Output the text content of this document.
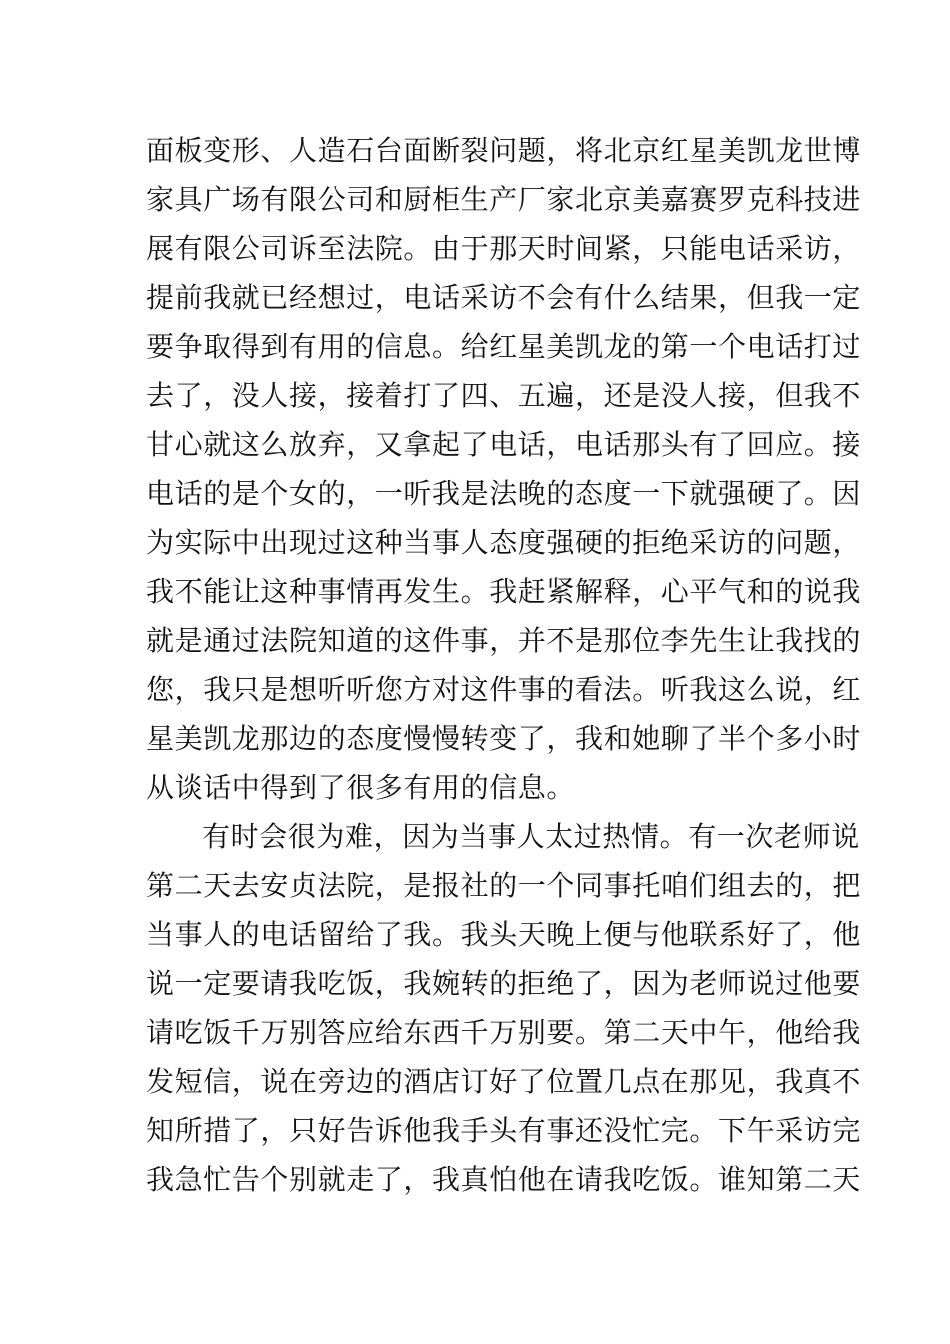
面板变形、人造石台面断裂问题，将北京红星美凯龙世博
家具广场有限公司和厨柜生产厂家北京美嘉赛罗克科技进
展有限公司诉至法院。由于那天时间紧，只能电话采访，
提前我就已经想过，电话采访不会有什么结果，但我一定
要争取得到有用的信息。给红星美凯龙的第一个电话打过
去了，没人接，接着打了四、五遍，还是没人接，但我不
甘心就这么放弃，又拿起了电话，电话那头有了回应。接
电话的是个女的，一听我是法晚的态度一下就强硬了。因
为实际中出现过这种当事人态度强硬的拒绝采访的问题，
我不能让这种事情再发生。我赶紧解释，心平气和的说我
就是通过法院知道的这件事，并不是那位李先生让我找的
您，我只是想听听您方对这件事的看法。听我这么说，红
星美凯龙那边的态度慢慢转变了，我和她聊了半个多小时
从谈话中得到了很多有用的信息。
有时会很为难，因为当事人太过热情。有一次老师说
第二天去安贞法院，是报社的一个同事托咱们组去的，把
当事人的电话留给了我。我头天晚上便与他联系好了，他
说一定要请我吃饭，我婉转的拒绝了，因为老师说过他要
请吃饭千万别答应给东西千万别要。第二天中午，他给我
发短信，说在旁边的酒店订好了位置几点在那见，我真不
知所措了，只好告诉他我手头有事还没忙完。下午采访完
我急忙告个别就走了，我真怕他在请我吃饭。谁知第二天
